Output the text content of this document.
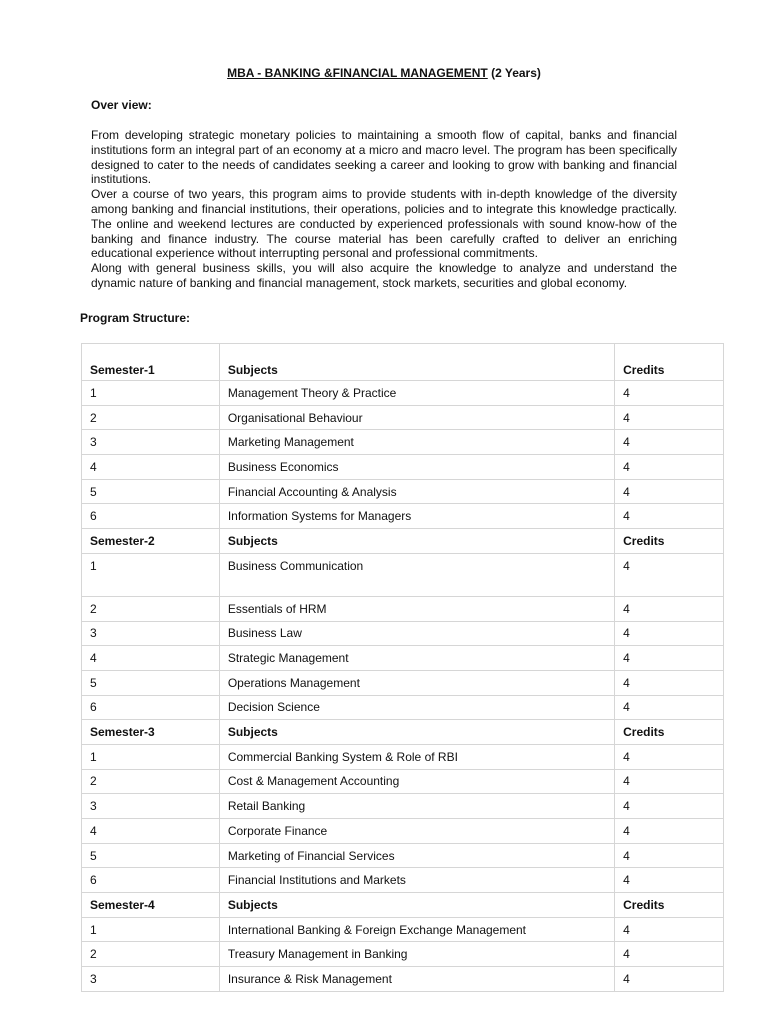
MBA - BANKING &FINANCIAL MANAGEMENT (2 Years)
Over view:

From developing strategic monetary policies to maintaining a smooth flow of capital, banks and financial institutions form an integral part of an economy at a micro and macro level. The program has been specifically designed to cater to the needs of candidates seeking a career and looking to grow with banking and financial institutions.

Over a course of two years, this program aims to provide students with in-depth knowledge of the diversity among banking and financial institutions, their operations, policies and to integrate this knowledge practically. The online and weekend lectures are conducted by experienced professionals with sound know-how of the banking and finance industry. The course material has been carefully crafted to deliver an enriching educational experience without interrupting personal and professional commitments.

Along with general business skills, you will also acquire the knowledge to analyze and understand the dynamic nature of banking and financial management, stock markets, securities and global economy.

Program Structure:
Semester-1	Subjects	Credits
1	Management Theory & Practice	4
2	Organisational Behaviour	4
3	Marketing Management	4
4	Business Economics	4
5	Financial Accounting & Analysis	4
6	Information Systems for Managers	4
Semester-2	Subjects	Credits
1	Business Communication	4
2	Essentials of HRM	4
3	Business Law	4
4	Strategic Management	4
5	Operations Management	4
6	Decision Science	4
Semester-3	Subjects	Credits
1	Commercial Banking System & Role of RBI	4
2	Cost & Management Accounting	4
3	Retail Banking	4
4	Corporate Finance	4
5	Marketing of Financial Services	4
6	Financial Institutions and Markets	4
Semester-4	Subjects	Credits
1	International Banking & Foreign Exchange Management	4
2	Treasury Management in Banking	4
3	Insurance & Risk Management	4
